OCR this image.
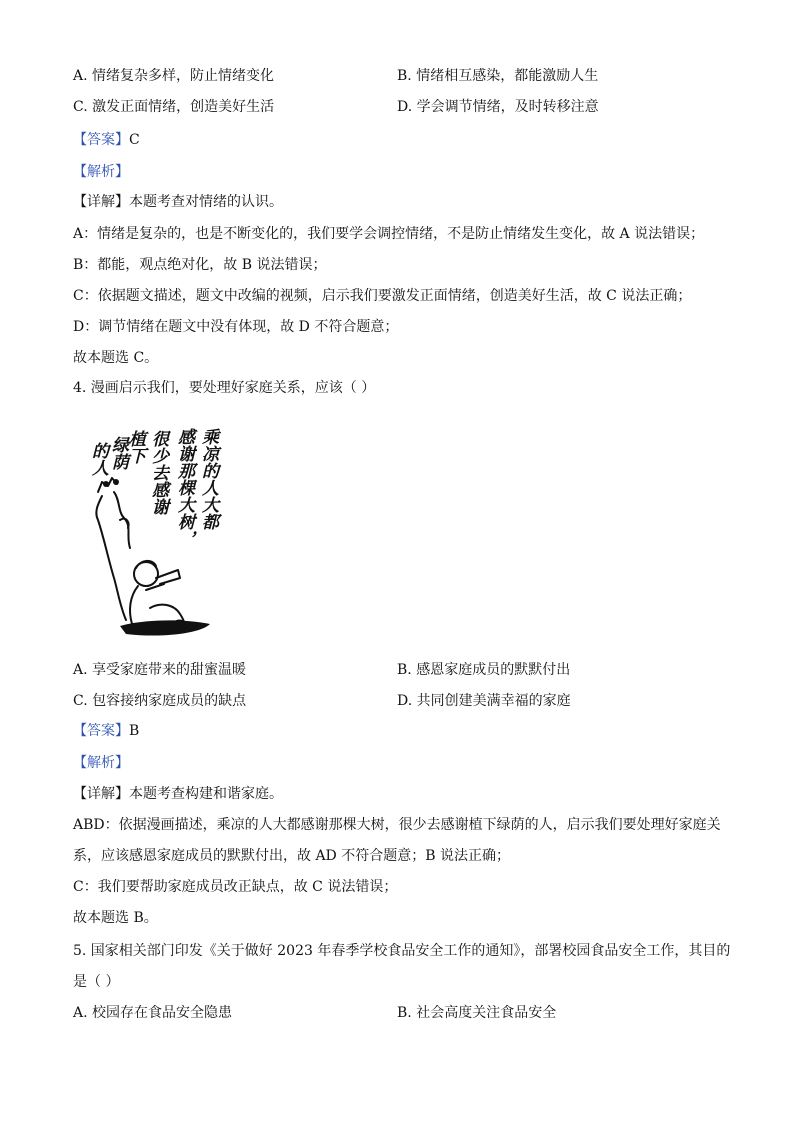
A. 情绪复杂多样，防止情绪变化	B. 情绪相互感染，都能激励人生
C. 激发正面情绪，创造美好生活	D. 学会调节情绪，及时转移注意
【答案】C
【解析】
【详解】本题考查对情绪的认识。
A：情绪是复杂的，也是不断变化的，我们要学会调控情绪，不是防止情绪发生变化，故 A 说法错误；
B：都能，观点绝对化，故 B 说法错误；
C：依据题文描述，题文中改编的视频，启示我们要激发正面情绪，创造美好生活，故 C 说法正确；
D：调节情绪在题文中没有体现，故 D 不符合题意；
故本题选 C。
4. 漫画启示我们，要处理好家庭关系，应该（ ）
乘凉的人大都
感谢那棵大树，
很少去感谢
植下
绿荫
的人
A. 享受家庭带来的甜蜜温暖	B. 感恩家庭成员的默默付出
C. 包容接纳家庭成员的缺点	D. 共同创建美满幸福的家庭
【答案】B
【解析】
【详解】本题考查构建和谐家庭。
ABD：依据漫画描述，乘凉的人大都感谢那棵大树，很少去感谢植下绿荫的人，启示我们要处理好家庭关
系，应该感恩家庭成员的默默付出，故 AD 不符合题意；B 说法正确；
C：我们要帮助家庭成员改正缺点，故 C 说法错误；
故本题选 B。
5. 国家相关部门印发《关于做好 2023 年春季学校食品安全工作的通知》，部署校园食品安全工作，其目的
是（ ）
A. 校园存在食品安全隐患	B. 社会高度关注食品安全
